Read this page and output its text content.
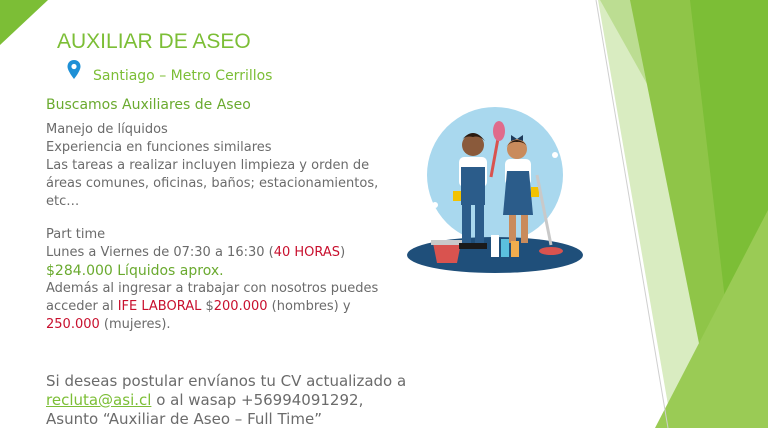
AUXILIAR DE ASEO
Santiago – Metro Cerrillos
Buscamos Auxiliares de Aseo
Manejo de líquidos
Experiencia en funciones similares
Las tareas a realizar incluyen limpieza y orden de
áreas comunes, oficinas, baños; estacionamientos,
etc…
Part time
Lunes a Viernes de 07:30 a 16:30 (40 HORAS)
$284.000 Líquidos aprox.
Además al ingresar a trabajar con nosotros puedes
acceder al IFE LABORAL $200.000 (hombres) y
250.000 (mujeres).
Si deseas postular envíanos tu CV actualizado a
recluta@asi.cl o al wasap +56994091292,
Asunto “Auxiliar de Aseo – Full Time”
